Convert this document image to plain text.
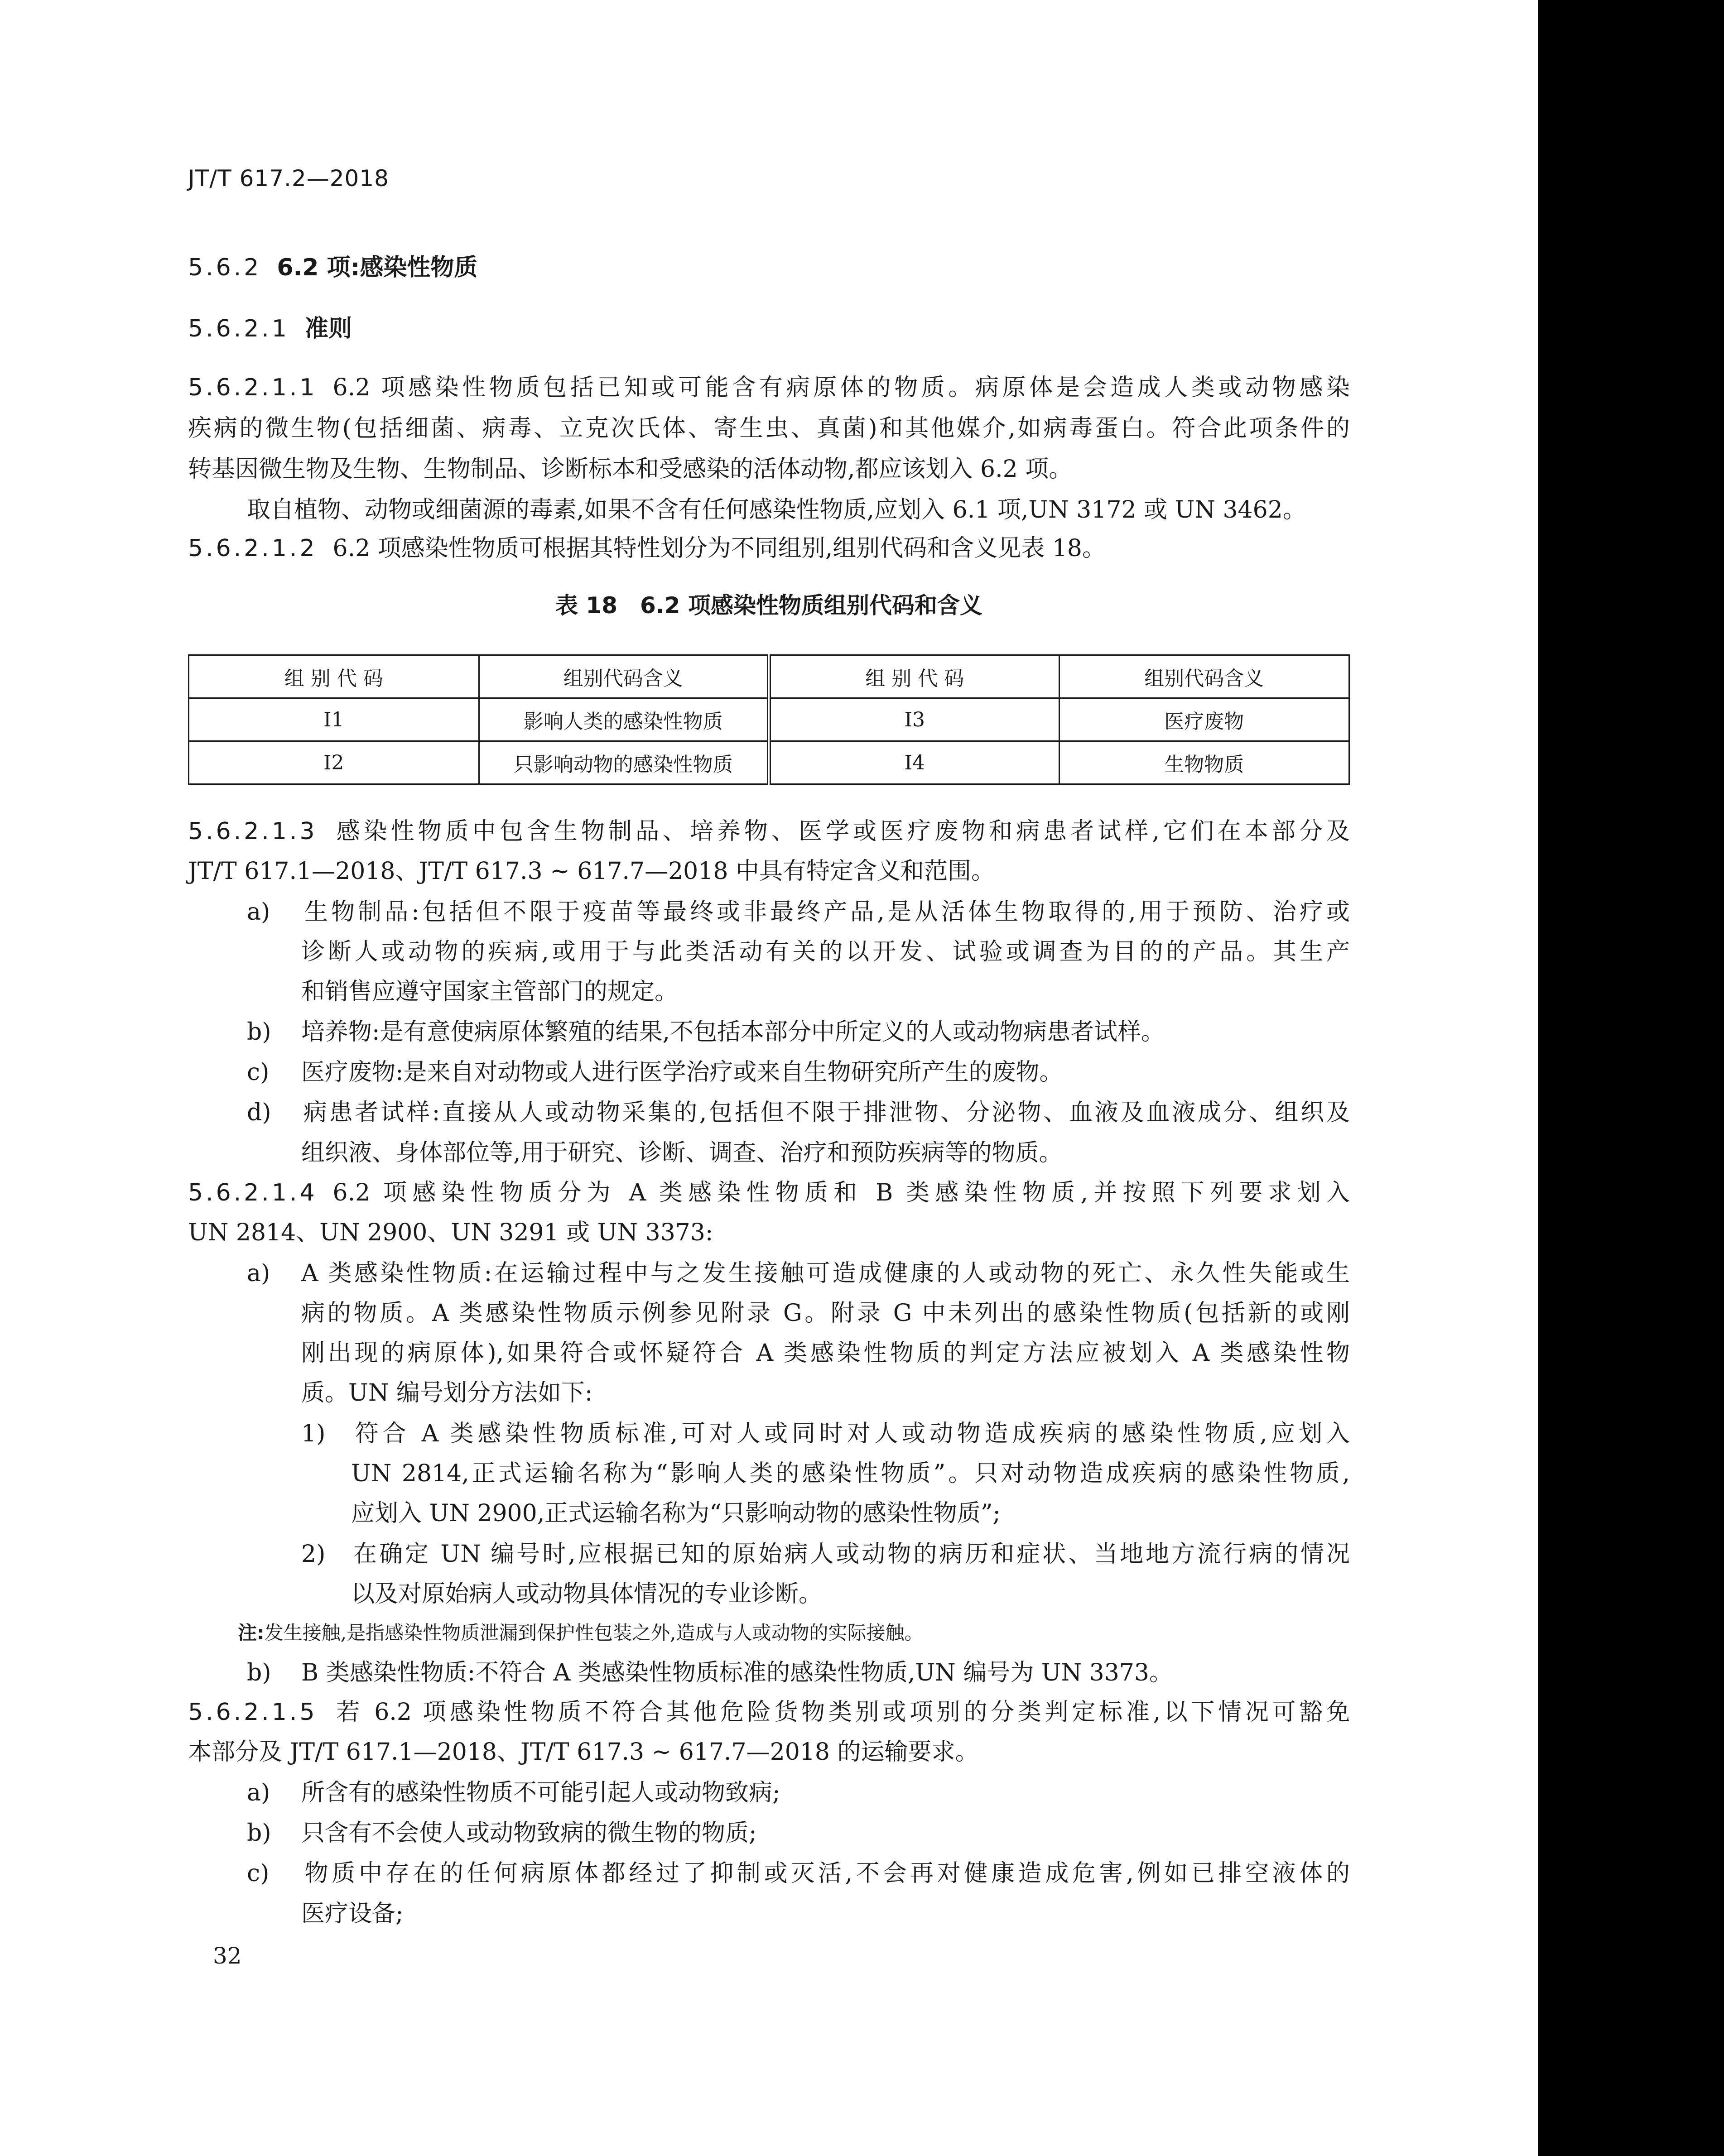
JT/T 617.2—2018
5.6.2 6.2 项:感染性物质
5.6.2.1 准则
5.6.2.1.1 6.2 项感染性物质包括已知或可能含有病原体的物质。病原体是会造成人类或动物感染
疾病的微生物(包括细菌、病毒、立克次氏体、寄生虫、真菌)和其他媒介,如病毒蛋白。符合此项条件的
转基因微生物及生物、生物制品、诊断标本和受感染的活体动物,都应该划入 6.2 项。
取自植物、动物或细菌源的毒素,如果不含有任何感染性物质,应划入 6.1 项,UN 3172 或 UN 3462。
5.6.2.1.2 6.2 项感染性物质可根据其特性划分为不同组别,组别代码和含义见表 18。
表 18　6.2 项感染性物质组别代码和含义
5.6.2.1.3 感染性物质中包含生物制品、培养物、医学或医疗废物和病患者试样,它们在本部分及
JT/T 617.1—2018、JT/T 617.3 ~ 617.7—2018 中具有特定含义和范围。
a) 生物制品:包括但不限于疫苗等最终或非最终产品,是从活体生物取得的,用于预防、治疗或
诊断人或动物的疾病,或用于与此类活动有关的以开发、试验或调查为目的的产品。其生产
和销售应遵守国家主管部门的规定。
b) 培养物:是有意使病原体繁殖的结果,不包括本部分中所定义的人或动物病患者试样。
c) 医疗废物:是来自对动物或人进行医学治疗或来自生物研究所产生的废物。
d) 病患者试样:直接从人或动物采集的,包括但不限于排泄物、分泌物、血液及血液成分、组织及
组织液、身体部位等,用于研究、诊断、调查、治疗和预防疾病等的物质。
5.6.2.1.4 6.2 项感染性物质分为 A 类感染性物质和 B 类感染性物质,并按照下列要求划入
UN 2814、UN 2900、UN 3291 或 UN 3373:
a) A 类感染性物质:在运输过程中与之发生接触可造成健康的人或动物的死亡、永久性失能或生
病的物质。A 类感染性物质示例参见附录 G。附录 G 中未列出的感染性物质(包括新的或刚
刚出现的病原体),如果符合或怀疑符合 A 类感染性物质的判定方法应被划入 A 类感染性物
质。UN 编号划分方法如下:
1) 符合 A 类感染性物质标准,可对人或同时对人或动物造成疾病的感染性物质,应划入
UN 2814,正式运输名称为“影响人类的感染性物质”。只对动物造成疾病的感染性物质,
应划入 UN 2900,正式运输名称为“只影响动物的感染性物质”;
2) 在确定 UN 编号时,应根据已知的原始病人或动物的病历和症状、当地地方流行病的情况
以及对原始病人或动物具体情况的专业诊断。
注:发生接触,是指感染性物质泄漏到保护性包装之外,造成与人或动物的实际接触。
b) B 类感染性物质:不符合 A 类感染性物质标准的感染性物质,UN 编号为 UN 3373。
5.6.2.1.5 若 6.2 项感染性物质不符合其他危险货物类别或项别的分类判定标准,以下情况可豁免
本部分及 JT/T 617.1—2018、JT/T 617.3 ~ 617.7—2018 的运输要求。
a) 所含有的感染性物质不可能引起人或动物致病;
b) 只含有不会使人或动物致病的微生物的物质;
c) 物质中存在的任何病原体都经过了抑制或灭活,不会再对健康造成危害,例如已排空液体的
医疗设备;
组 别 代 码	组别代码含义	组 别 代 码	组别代码含义
I1	影响人类的感染性物质	I3	医疗废物
I2	只影响动物的感染性物质	I4	生物物质
32
